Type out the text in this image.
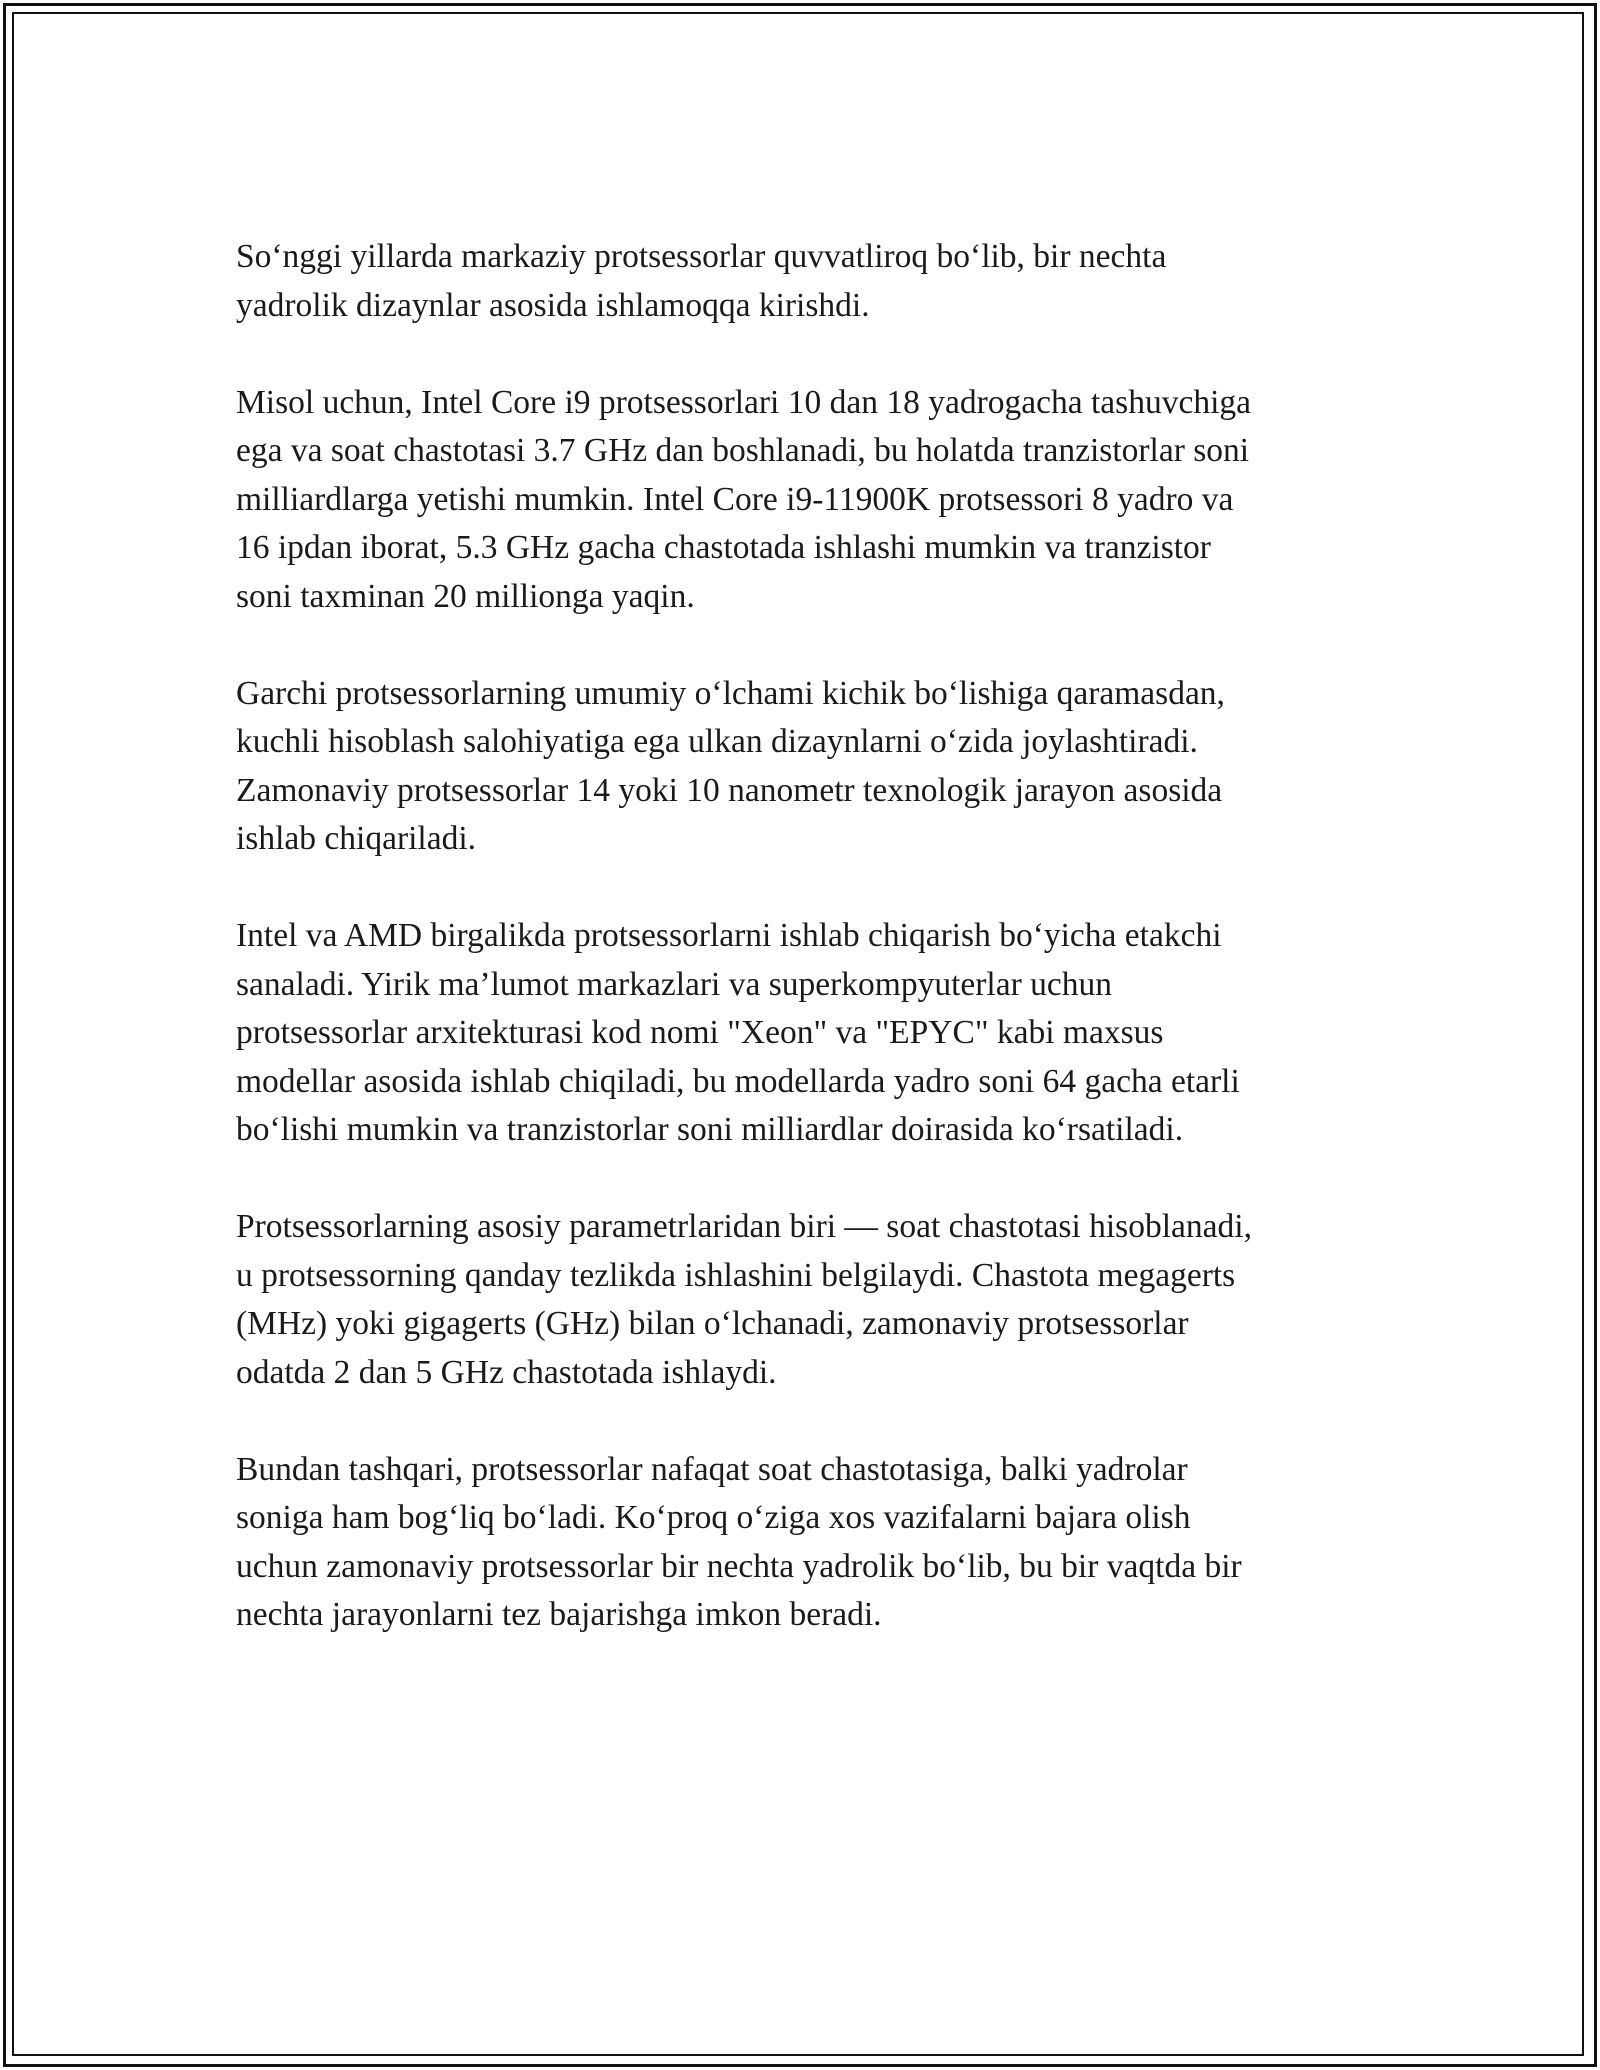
So‘nggi yillarda markaziy protsessorlar quvvatliroq bo‘lib, bir nechta
yadrolik dizaynlar asosida ishlamoqqa kirishdi.

Misol uchun, Intel Core i9 protsessorlari 10 dan 18 yadrogacha tashuvchiga
ega va soat chastotasi 3.7 GHz dan boshlanadi, bu holatda tranzistorlar soni
milliardlarga yetishi mumkin. Intel Core i9-11900K protsessori 8 yadro va
16 ipdan iborat, 5.3 GHz gacha chastotada ishlashi mumkin va tranzistor
soni taxminan 20 millionga yaqin.

Garchi protsessorlarning umumiy o‘lchami kichik bo‘lishiga qaramasdan,
kuchli hisoblash salohiyatiga ega ulkan dizaynlarni o‘zida joylashtiradi.
Zamonaviy protsessorlar 14 yoki 10 nanometr texnologik jarayon asosida
ishlab chiqariladi.

Intel va AMD birgalikda protsessorlarni ishlab chiqarish bo‘yicha etakchi
sanaladi. Yirik ma’lumot markazlari va superkompyuterlar uchun
protsessorlar arxitekturasi kod nomi "Xeon" va "EPYC" kabi maxsus
modellar asosida ishlab chiqiladi, bu modellarda yadro soni 64 gacha etarli
bo‘lishi mumkin va tranzistorlar soni milliardlar doirasida ko‘rsatiladi.

Protsessorlarning asosiy parametrlaridan biri — soat chastotasi hisoblanadi,
u protsessorning qanday tezlikda ishlashini belgilaydi. Chastota megagerts
(MHz) yoki gigagerts (GHz) bilan o‘lchanadi, zamonaviy protsessorlar
odatda 2 dan 5 GHz chastotada ishlaydi.

Bundan tashqari, protsessorlar nafaqat soat chastotasiga, balki yadrolar
soniga ham bog‘liq bo‘ladi. Ko‘proq o‘ziga xos vazifalarni bajara olish
uchun zamonaviy protsessorlar bir nechta yadrolik bo‘lib, bu bir vaqtda bir
nechta jarayonlarni tez bajarishga imkon beradi.
